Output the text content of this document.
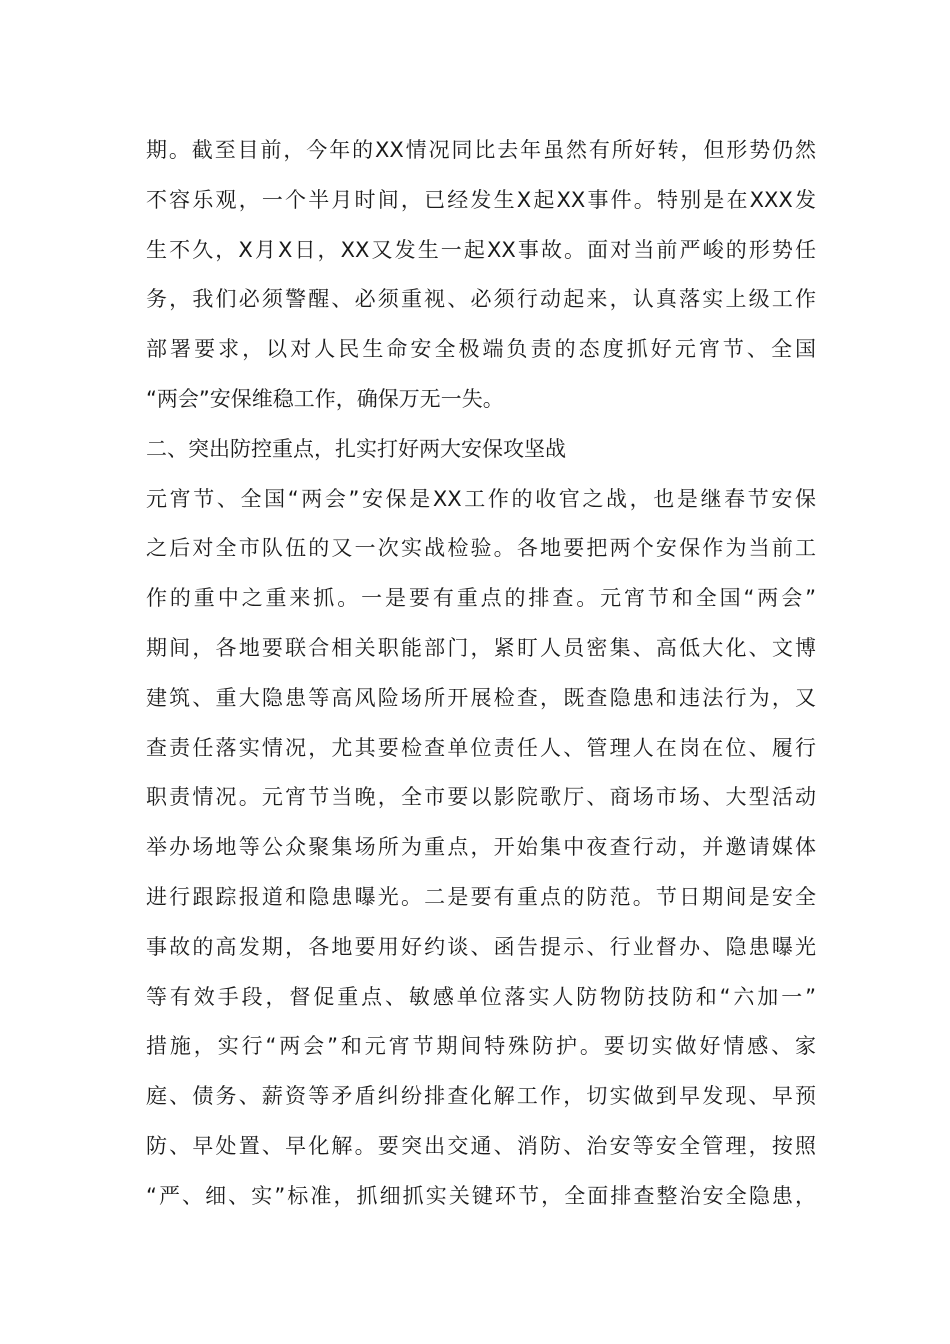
期。截至目前，今年的XX情况同比去年虽然有所好转，但形势仍然
不容乐观，一个半月时间，已经发生X起XX事件。特别是在XXX发
生不久，X月X日，XX又发生一起XX事故。面对当前严峻的形势任
务，我们必须警醒、必须重视、必须行动起来，认真落实上级工作
部署要求，以对人民生命安全极端负责的态度抓好元宵节、全国
“两会”安保维稳工作，确保万无一失。
二、突出防控重点，扎实打好两大安保攻坚战
元宵节、全国“两会”安保是XX工作的收官之战，也是继春节安保
之后对全市队伍的又一次实战检验。各地要把两个安保作为当前工
作的重中之重来抓。一是要有重点的排查。元宵节和全国“两会”
期间，各地要联合相关职能部门，紧盯人员密集、高低大化、文博
建筑、重大隐患等高风险场所开展检查，既查隐患和违法行为，又
查责任落实情况，尤其要检查单位责任人、管理人在岗在位、履行
职责情况。元宵节当晚，全市要以影院歌厅、商场市场、大型活动
举办场地等公众聚集场所为重点，开始集中夜查行动，并邀请媒体
进行跟踪报道和隐患曝光。二是要有重点的防范。节日期间是安全
事故的高发期，各地要用好约谈、函告提示、行业督办、隐患曝光
等有效手段，督促重点、敏感单位落实人防物防技防和“六加一”
措施，实行“两会”和元宵节期间特殊防护。要切实做好情感、家
庭、债务、薪资等矛盾纠纷排查化解工作，切实做到早发现、早预
防、早处置、早化解。要突出交通、消防、治安等安全管理，按照
“严、细、实”标准，抓细抓实关键环节，全面排查整治安全隐患，
